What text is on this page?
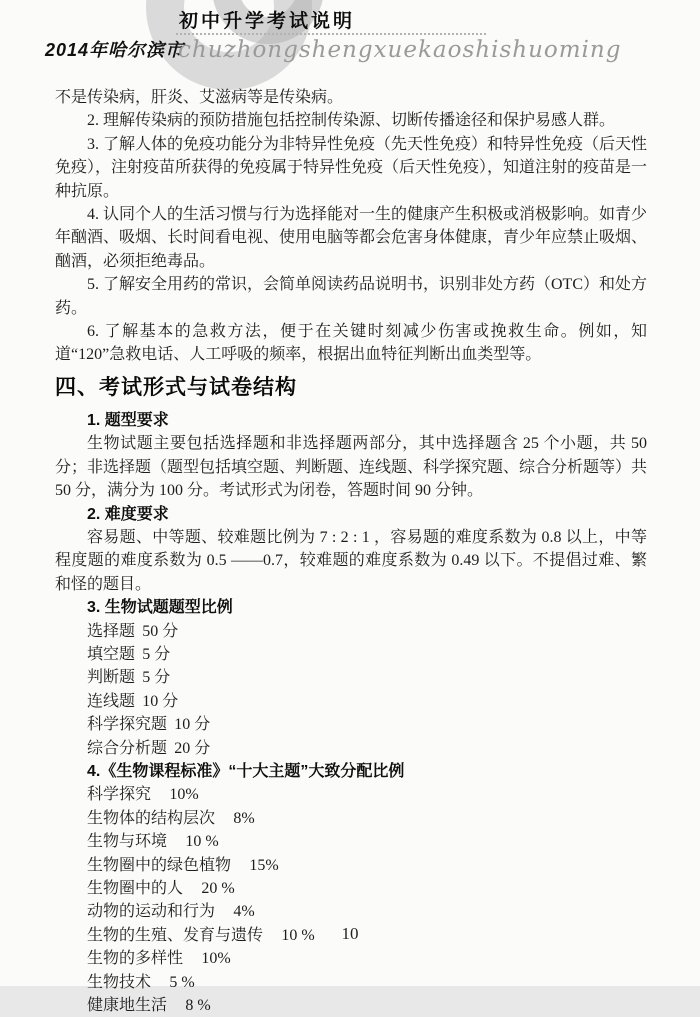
2014年哈尔滨市
初中升学考试说明
chuzhongshengxuekaoshishuoming

不是传染病，肝炎、艾滋病等是传染病。

2. 理解传染病的预防措施包括控制传染源、切断传播途径和保护易感人群。

3. 了解人体的免疫功能分为非特异性免疫（先天性免疫）和特异性免疫（后天性免疫），注射疫苗所获得的免疫属于特异性免疫（后天性免疫），知道注射的疫苗是一种抗原。

4. 认同个人的生活习惯与行为选择能对一生的健康产生积极或消极影响。如青少年酗酒、吸烟、长时间看电视、使用电脑等都会危害身体健康，青少年应禁止吸烟、酗酒，必须拒绝毒品。

5. 了解安全用药的常识，会简单阅读药品说明书，识别非处方药（OTC）和处方药。

6. 了解基本的急救方法，便于在关键时刻减少伤害或挽救生命。例如，知道“120”急救电话、人工呼吸的频率，根据出血特征判断出血类型等。

四、考试形式与试卷结构

1. 题型要求

生物试题主要包括选择题和非选择题两部分，其中选择题含 25 个小题，共 50 分；非选择题（题型包括填空题、判断题、连线题、科学探究题、综合分析题等）共 50 分，满分为 100 分。考试形式为闭卷，答题时间 90 分钟。

2. 难度要求

容易题、中等题、较难题比例为 7 : 2 : 1 ，容易题的难度系数为 0.8 以上，中等程度题的难度系数为 0.5 ——0.7，较难题的难度系数为 0.49 以下。不提倡过难、繁和怪的题目。

3. 生物试题题型比例

选择题 50 分

填空题 5 分

判断题 5 分

连线题 10 分

科学探究题 10 分

综合分析题 20 分

4.《生物课程标准》“十大主题”大致分配比例

科学探究 10%

生物体的结构层次 8%

生物与环境 10 %

生物圈中的绿色植物 15%

生物圈中的人 20 %

动物的运动和行为 4%

生物的生殖、发育与遗传 10 %

生物的多样性 10%

生物技术 5 %

健康地生活 8 %

10
